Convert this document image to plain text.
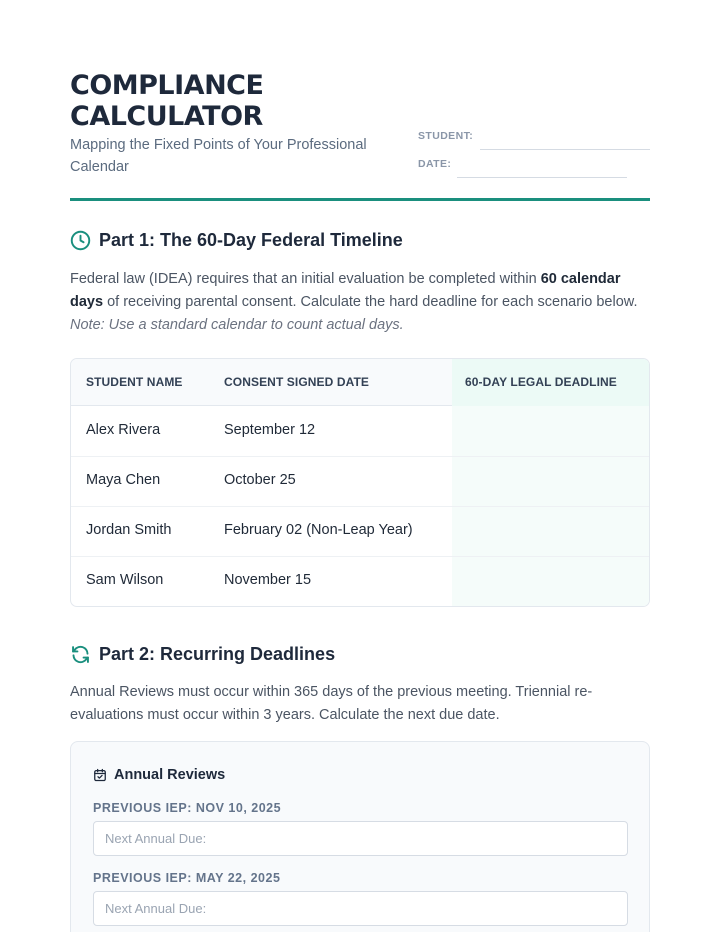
COMPLIANCE CALCULATOR
Mapping the Fixed Points of Your Professional Calendar
STUDENT:
DATE:
Part 1: The 60-Day Federal Timeline

Federal law (IDEA) requires that an initial evaluation be completed within 60 calendar days of receiving parental consent. Calculate the hard deadline for each scenario below. Note: Use a standard calendar to count actual days.

STUDENT NAME	CONSENT SIGNED DATE	60-DAY LEGAL DEADLINE
Alex Rivera	September 12
Maya Chen	October 25
Jordan Smith	February 02 (Non-Leap Year)
Sam Wilson	November 15
Part 2: Recurring Deadlines

Annual Reviews must occur within 365 days of the previous meeting. Triennial re-evaluations must occur within 3 years. Calculate the next due date.

Annual Reviews
PREVIOUS IEP: NOV 10, 2025
Next Annual Due:
PREVIOUS IEP: MAY 22, 2025
Next Annual Due:
